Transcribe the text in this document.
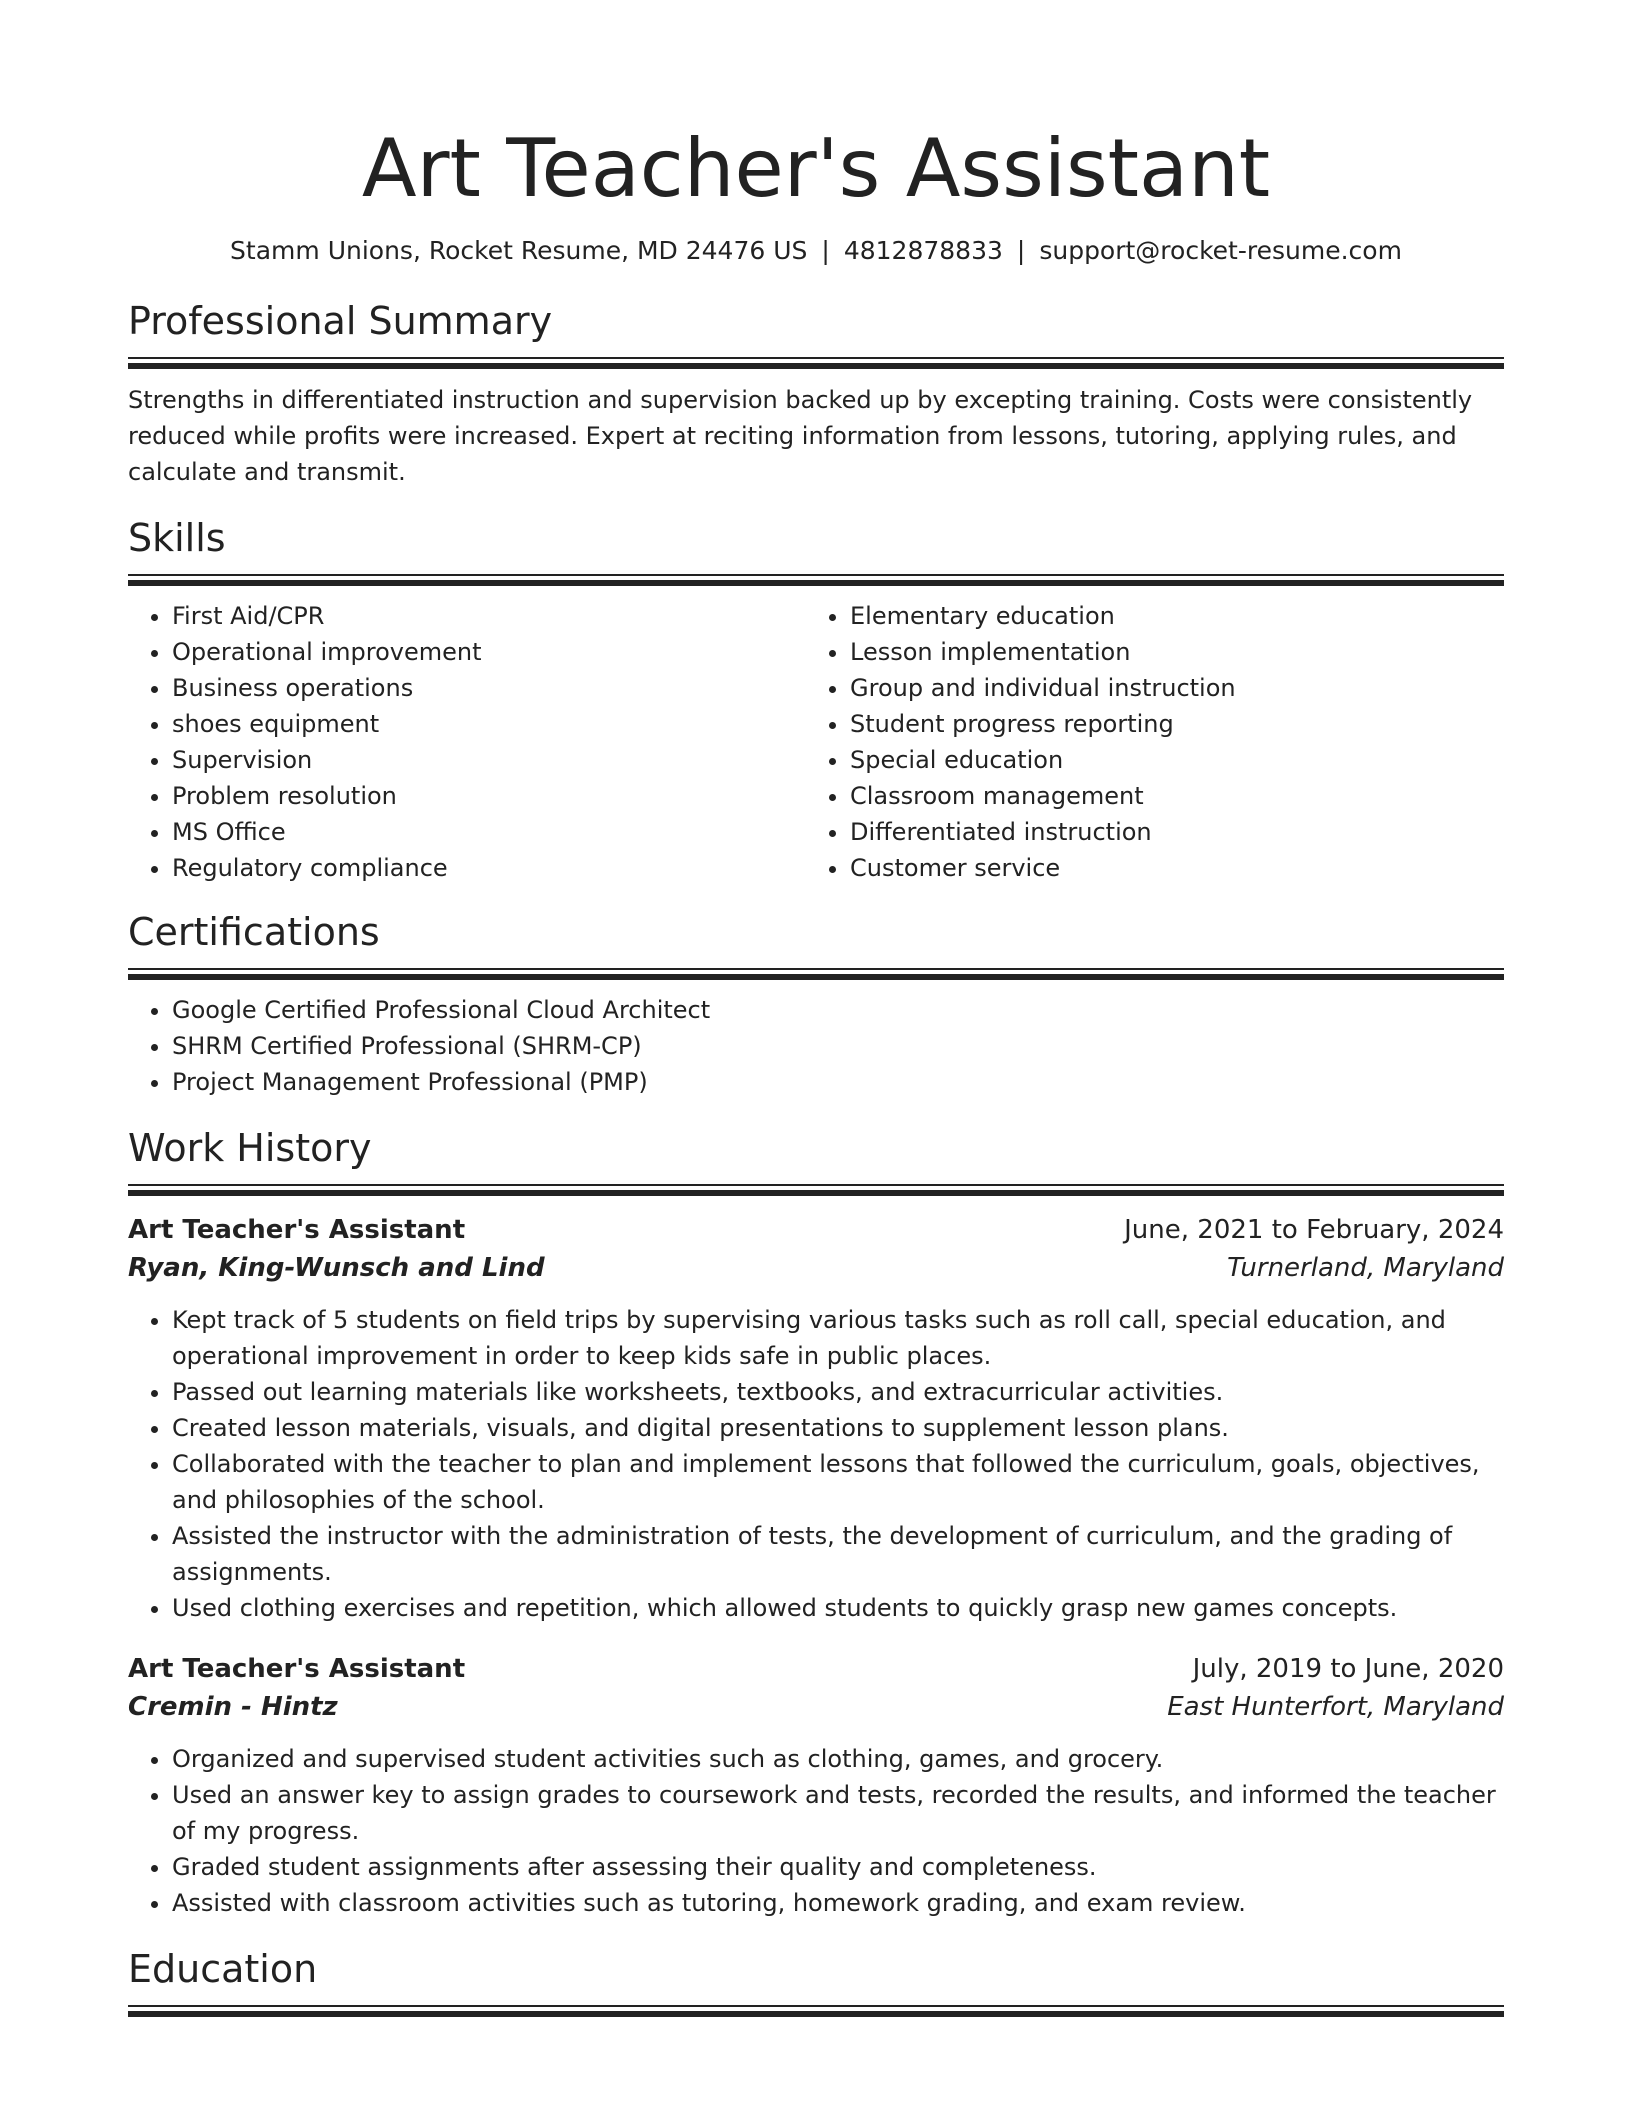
Art Teacher's Assistant
Stamm Unions, Rocket Resume, MD 24476 US | 4812878833 | support@rocket-resume.com
Professional Summary
Strengths in differentiated instruction and supervision backed up by excepting training. Costs were consistently reduced while profits were increased. Expert at reciting information from lessons, tutoring, applying rules, and calculate and transmit.
Skills
• First Aid/CPR
• Operational improvement
• Business operations
• shoes equipment
• Supervision
• Problem resolution
• MS Office
• Regulatory compliance
• Elementary education
• Lesson implementation
• Group and individual instruction
• Student progress reporting
• Special education
• Classroom management
• Differentiated instruction
• Customer service
Certifications
• Google Certified Professional Cloud Architect
• SHRM Certified Professional (SHRM-CP)
• Project Management Professional (PMP)
Work History
Art Teacher's Assistant	June, 2021 to February, 2024
Ryan, King-Wunsch and Lind	Turnerland, Maryland
• Kept track of 5 students on field trips by supervising various tasks such as roll call, special education, and operational improvement in order to keep kids safe in public places.
• Passed out learning materials like worksheets, textbooks, and extracurricular activities.
• Created lesson materials, visuals, and digital presentations to supplement lesson plans.
• Collaborated with the teacher to plan and implement lessons that followed the curriculum, goals, objectives, and philosophies of the school.
• Assisted the instructor with the administration of tests, the development of curriculum, and the grading of assignments.
• Used clothing exercises and repetition, which allowed students to quickly grasp new games concepts.
Art Teacher's Assistant	July, 2019 to June, 2020
Cremin - Hintz	East Hunterfort, Maryland
• Organized and supervised student activities such as clothing, games, and grocery.
• Used an answer key to assign grades to coursework and tests, recorded the results, and informed the teacher of my progress.
• Graded student assignments after assessing their quality and completeness.
• Assisted with classroom activities such as tutoring, homework grading, and exam review.
Education
